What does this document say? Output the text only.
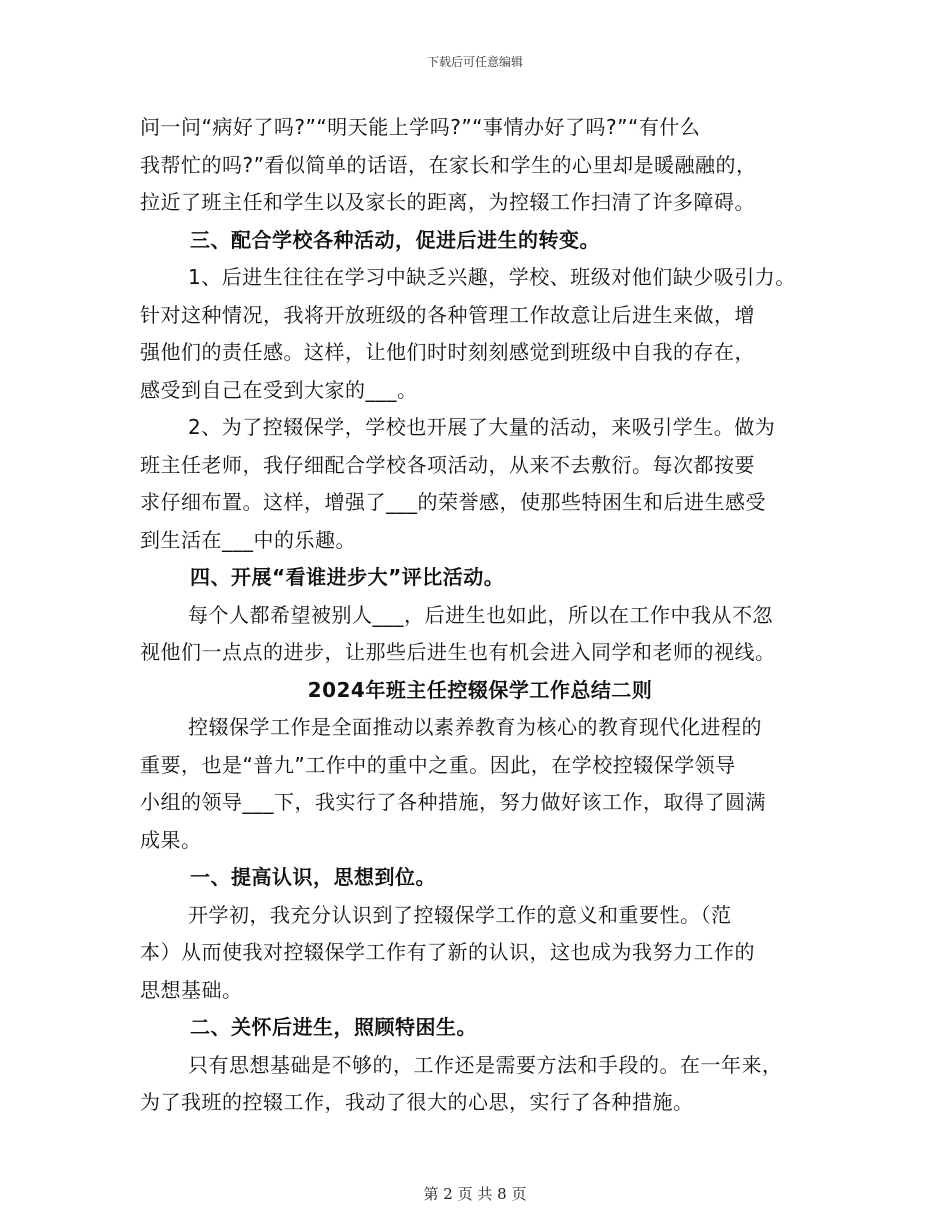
下载后可任意编辑
问一问“病好了吗?”“明天能上学吗?”“事情办好了吗?”“有什么
我帮忙的吗?”看似简单的话语，在家长和学生的心里却是暖融融的，
拉近了班主任和学生以及家长的距离，为控辍工作扫清了许多障碍。
三、配合学校各种活动，促进后进生的转变。
1、后进生往往在学习中缺乏兴趣，学校、班级对他们缺少吸引力。
针对这种情况，我将开放班级的各种管理工作故意让后进生来做，增
强他们的责任感。这样，让他们时时刻刻感觉到班级中自我的存在，
感受到自己在受到大家的___。
2、为了控辍保学，学校也开展了大量的活动，来吸引学生。做为
班主任老师，我仔细配合学校各项活动，从来不去敷衍。每次都按要
求仔细布置。这样，增强了___的荣誉感，使那些特困生和后进生感受
到生活在___中的乐趣。
四、开展“看谁进步大”评比活动。
每个人都希望被别人___，后进生也如此，所以在工作中我从不忽
视他们一点点的进步，让那些后进生也有机会进入同学和老师的视线。
2024年班主任控辍保学工作总结二则
控辍保学工作是全面推动以素养教育为核心的教育现代化进程的
重要，也是“普九”工作中的重中之重。因此，在学校控辍保学领导
小组的领导___下，我实行了各种措施，努力做好该工作，取得了圆满
成果。
一、提高认识，思想到位。
开学初，我充分认识到了控辍保学工作的意义和重要性。（范
本）从而使我对控辍保学工作有了新的认识，这也成为我努力工作的
思想基础。
二、关怀后进生，照顾特困生。
只有思想基础是不够的，工作还是需要方法和手段的。在一年来，
为了我班的控辍工作，我动了很大的心思，实行了各种措施。
第 2 页 共 8 页
